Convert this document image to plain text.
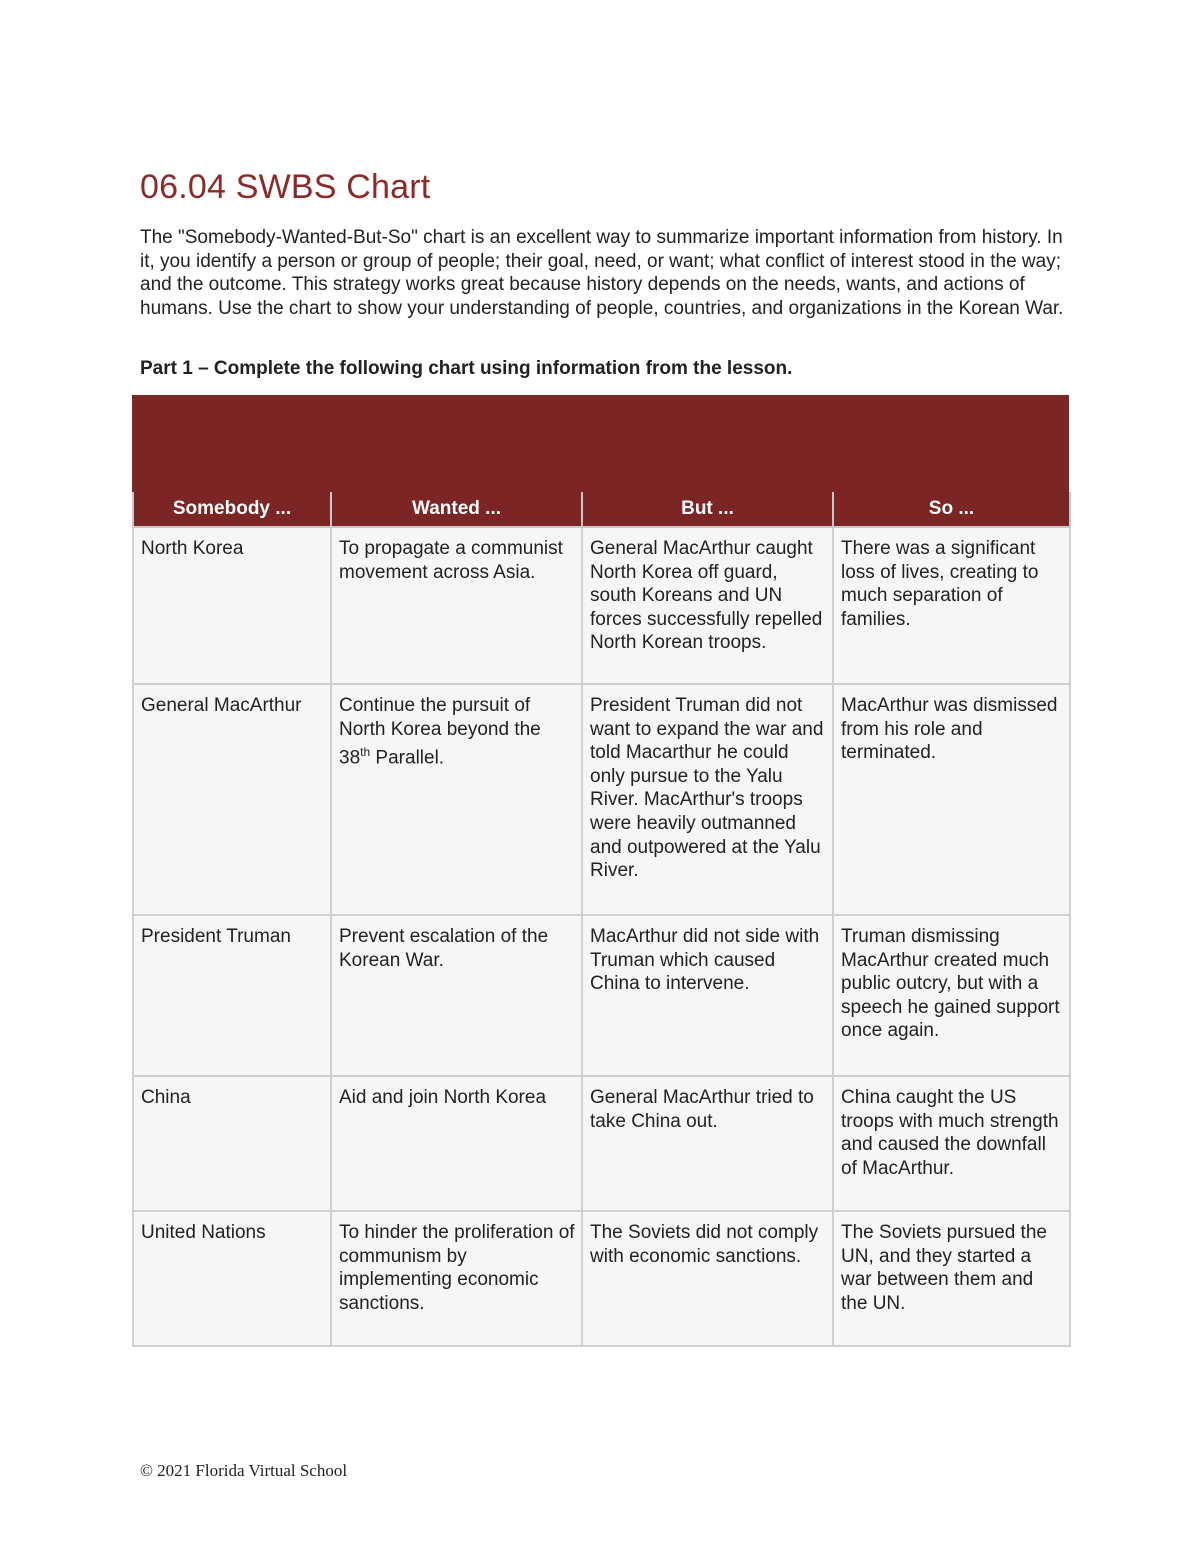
06.04 SWBS Chart

The "Somebody-Wanted-But-So" chart is an excellent way to summarize important information from history. In it, you identify a person or group of people; their goal, need, or want; what conflict of interest stood in the way; and the outcome. This strategy works great because history depends on the needs, wants, and actions of humans. Use the chart to show your understanding of people, countries, and organizations in the Korean War.

Part 1 – Complete the following chart using information from the lesson.

Somebody ...	Wanted ...	But ...	So ...
North Korea	To propagate a communist movement across Asia.	General MacArthur caught North Korea off guard, south Koreans and UN forces successfully repelled North Korean troops.	There was a significant loss of lives, creating to much separation of families.
General MacArthur	Continue the pursuit of North Korea beyond the 38th Parallel.	President Truman did not want to expand the war and told Macarthur he could only pursue to the Yalu River. MacArthur's troops were heavily outmanned and outpowered at the Yalu River.	MacArthur was dismissed from his role and terminated.
President Truman	Prevent escalation of the Korean War.	MacArthur did not side with Truman which caused China to intervene.	Truman dismissing MacArthur created much public outcry, but with a speech he gained support once again.
China	Aid and join North Korea	General MacArthur tried to take China out.	China caught the US troops with much strength and caused the downfall of MacArthur.
United Nations	To hinder the proliferation of communism by implementing economic sanctions.	The Soviets did not comply with economic sanctions.	The Soviets pursued the UN, and they started a war between them and the UN.

© 2021 Florida Virtual School
